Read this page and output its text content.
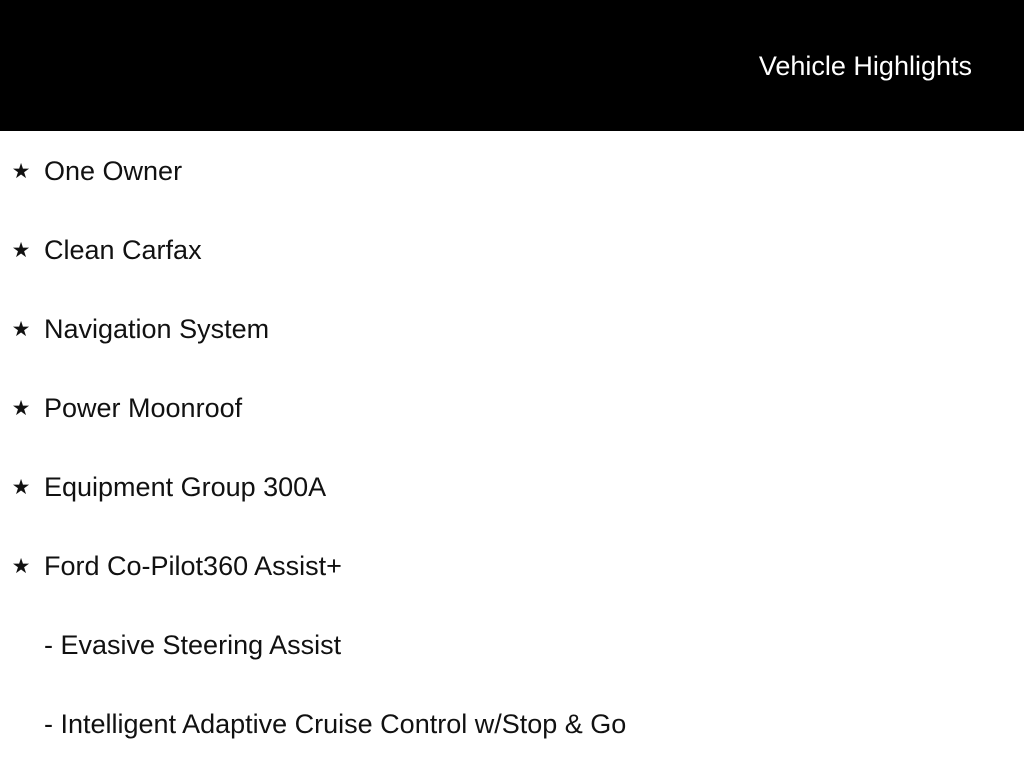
Vehicle Highlights
★ One Owner
★ Clean Carfax
★ Navigation System
★ Power Moonroof
★ Equipment Group 300A
★ Ford Co-Pilot360 Assist+
- Evasive Steering Assist
- Intelligent Adaptive Cruise Control w/Stop & Go
